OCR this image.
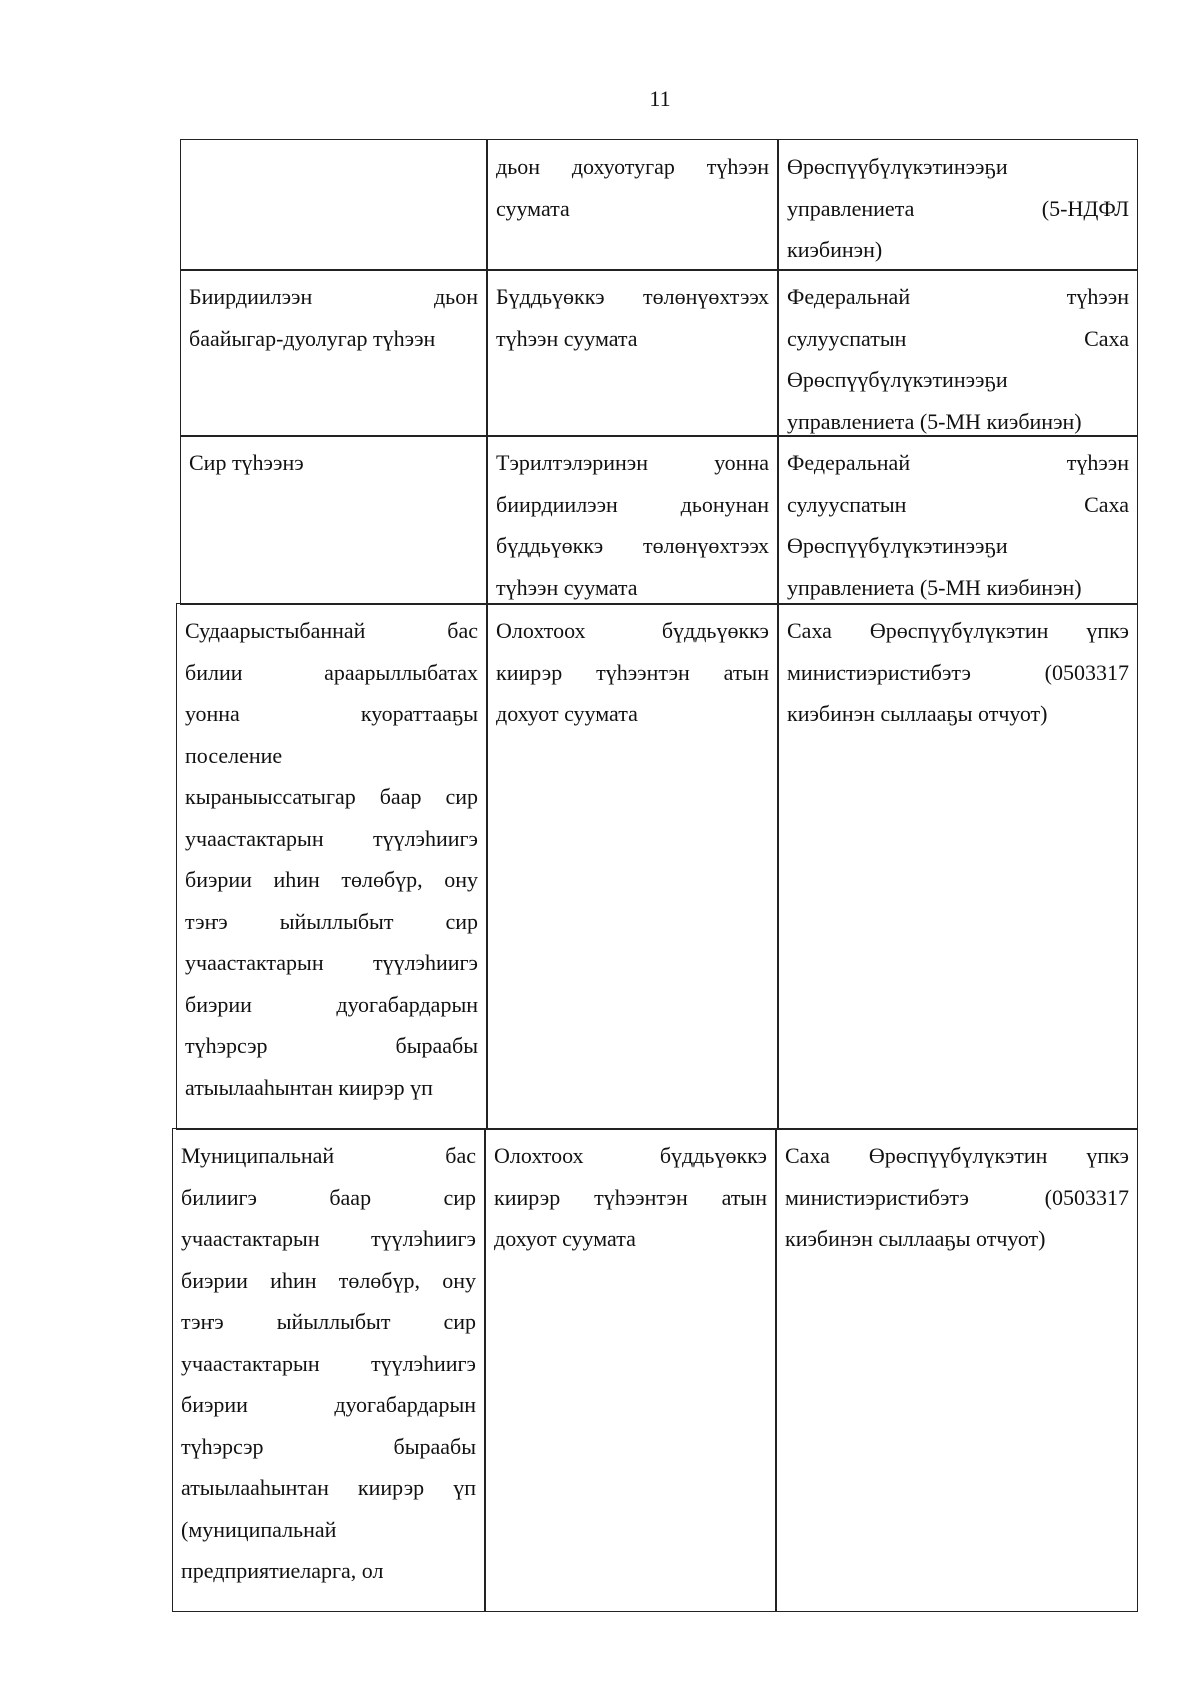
11

дьон дохуотугар түһээн

суумата

Өрөспүүбүлүкэтинээҕи

управлениета (5-НДФЛ

киэбинэн)

Биирдиилээн дьон

баайыгар-дуолугар түһээн

Бүддьүөккэ төлөнүөхтээх

түһээн суумата

Федеральнай түһээн

сулууспатын Саха

Өрөспүүбүлүкэтинээҕи

управлениета (5-МН киэбинэн)

Сир түһээнэ	Тэрилтэлэринэн уонна

биирдиилээн дьонунан

бүддьүөккэ төлөнүөхтээх

түһээн суумата

Федеральнай түһээн

сулууспатын Саха

Өрөспүүбүлүкэтинээҕи

управлениета (5-МН киэбинэн)

Судаарыстыбаннай бас

билии араарыллыбатах

уонна куораттааҕы

поселение

кыраныыссатыгар баар сир

учаастактарын түүлэһиигэ

биэрии иһин төлөбүр, ону

тэҥэ ыйыллыбыт сир

учаастактарын түүлэһиигэ

биэрии дуогабардарын

түһэрсэр быраабы

атыылааһынтан киирэр үп

Олохтоох бүддьүөккэ

киирэр түһээнтэн атын

дохуот суумата

Саха Өрөспүүбүлүкэтин үпкэ

министиэристибэтэ (0503317

киэбинэн сыллааҕы отчуот)

Муниципальнай бас

билиигэ баар сир

учаастактарын түүлэһиигэ

биэрии иһин төлөбүр, ону

тэҥэ ыйыллыбыт сир

учаастактарын түүлэһиигэ

биэрии дуогабардарын

түһэрсэр быраабы

атыылааһынтан киирэр үп

(муниципальнай

предприятиеларга, ол

Олохтоох бүддьүөккэ

киирэр түһээнтэн атын

дохуот суумата

Саха Өрөспүүбүлүкэтин үпкэ

министиэристибэтэ (0503317

киэбинэн сыллааҕы отчуот)
